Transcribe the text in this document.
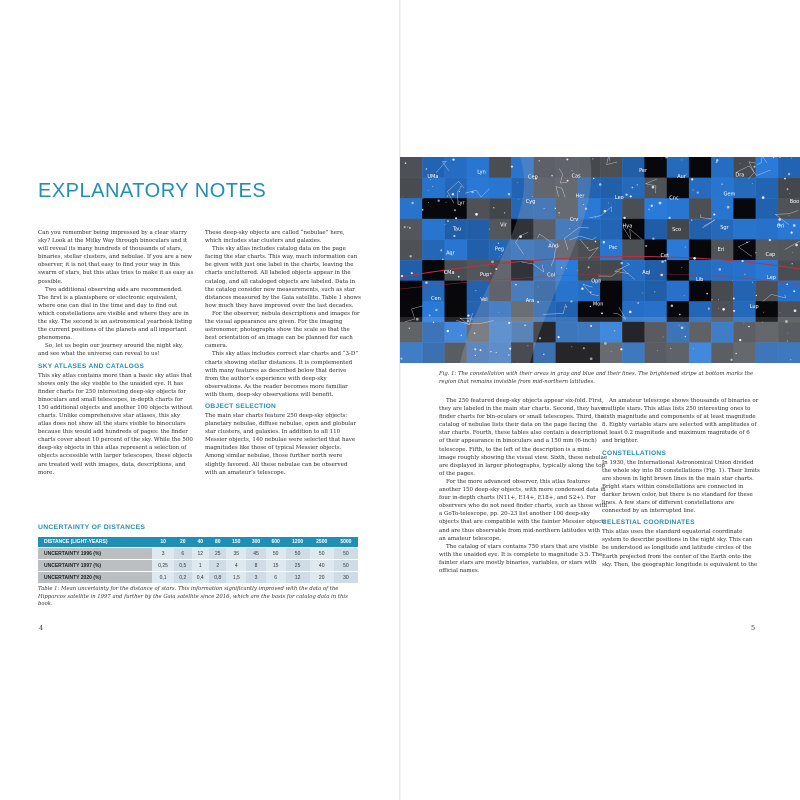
EXPLANATORY NOTES

Can you remember being impressed by a clear starry sky? Look at the Milky Way through binoculars and it will reveal its many hundreds of thousands of stars, binaries, stellar clusters, and nebulae. If you are a new observer, it is not that easy to find your way in this swarm of stars, but this atlas tries to make it as easy as possible.

Two additional observing aids are recommended. The first is a planisphere or electronic equivalent, where one can dial in the time and day to find out which constellations are visible and where they are in the sky. The second is an astronomical yearbook listing the current positions of the planets and all important phenomena.

So, let us begin our journey around the night sky, and see what the universe can reveal to us!

SKY ATLASES AND CATALOGS

This sky atlas contains more than a basic sky atlas that shows only the sky visible to the unaided eye. It has finder charts for 250 interesting deep-sky objects for binoculars and small telescopes, in-depth charts for 150 additional objects and another 100 objects without charts. Unlike comprehensive star atlases, this sky atlas does not show all the stars visible to binoculars because this would add hundreds of pages: the finder charts cover about 10 percent of the sky. While the 500 deep-sky objects in this atlas represent a selection of objects accessible with larger telescopes, these objects are treated well with images, data, descriptions, and more.

These deep-sky objects are called “nebulae” here, which includes star clusters and galaxies.

This sky atlas includes catalog data on the page facing the star charts. This way, much information can be given with just one label in the charts, leaving the charts uncluttered. All labeled objects appear in the catalog, and all cataloged objects are labeled. Data in the catalog consider new measurements, such as star distances measured by the Gaia satellite. Table 1 shows how much they have improved over the last decades.

For the observer, nebula descriptions and images for the visual appearance are given. For the imaging astronomer, photographs show the scale so that the best orientation of an image can be planned for each camera.

This sky atlas includes correct star charts and “3-D” charts showing stellar distances. It is complemented with many features as described below that derive from the author’s experience with deep-sky observations. As the reader becomes more familiar with them, deep-sky observations will benefit.

OBJECT SELECTION

The main star charts feature 250 deep-sky objects: planetary nebulae, diffuse nebulae, open and globular star clusters, and galaxies. In addition to all 110 Messier objects, 140 nebulae were selected that have magnitudes like those of typical Messier objects. Among similar nebulae, those further north were slightly favored. All these nebulae can be observed with an amateur’s telescope.

UNCERTAINTY OF DISTANCES
DISTANCE (LIGHT-YEARS)	10	20	40	80	150	300	600	1200	2500	5000
UNCERTAINTY 1996 (%)	3	6	12	25	35	45	50	50	50	50
UNCERTAINTY 1997 (%)	0,25	0,5	1	2	4	8	15	25	40	50
UNCERTAINTY 2020 (%)	0,1	0,2	0,4	0,8	1,5	3	6	12	20	30
Table 1: Mean uncertainty for the distance of stars. This information significantly improved with the data of the Hipparcos satellite in 1997 and further by the Gaia satellite since 2016, which are the basis for catalog data in this book.
4
UMa
Lyn
Cep	Cas
Per
Aur	Dra
Boo
Lyr	Cyg
Her	Leo	Cnc
Gem
Ori
Tau
Vir
Crv
Hya
Sco	Sgr
Cap
Aqr
Peg	And	Psc
Cet
Eri
Lep
CMa	Pup	Col
Oph
Aql
Lib
Lup
Cen	Vel	Ara
Mon
Fig. 1: The constellation with their areas in gray and blue and their lines. The brightened stripe at bottom marks the region that remains invisible from mid-northern latitudes.

The 250 featured deep-sky objects appear six-fold. First, they are labeled in the main star charts. Second, they have finder charts for bin-oculars or small telescopes. Third, the catalog of nebulae lists their data on the page facing the star charts. Fourth, these tables also contain a description of their appearance in binoculars and a 150 mm (6-inch) telescope. Fifth, to the left of the description is a mini-image roughly showing the visual view. Sixth, these nebulae are displayed in larger photographs, typically along the top of the pages.

For the more advanced observer, this atlas features another 150 deep-sky objects, with more condensed data in four in-depth charts (N11+, E14+, E18+, and S2+). For observers who do not need finder charts, such as those with a GoTo-telescope, pp. 20–23 list another 100 deep-sky objects that are compatible with the fainter Messier objects and are thus observable from mid-northern latitudes with an amateur telescope.

The catalog of stars contains 750 stars that are visible with the unaided eye. It is complete to magnitude 3.5. The fainter stars are mostly binaries, variables, or stars with official names.

An amateur telescope shows thousands of binaries or multiple stars. This atlas lists 250 interesting ones to sixth magnitude and components of at least magnitude 8. Eighty variable stars are selected with amplitudes of at least 0.2 magnitude and maximum magnitude of 6 and brighter.

CONSTELLATIONS

In 1930, the International Astronomical Union divided the whole sky into 88 constellations (Fig. 1). Their limits are shown in light brown lines in the main star charts. Bright stars within constellations are connected in darker brown color, but there is no standard for these lines. A few stars of different constellations are connected by an interrupted line.

CELESTIAL COORDINATES

This atlas uses the standard equatorial coordinate system to describe positions in the night sky. This can be understood as longitude and latitude circles of the Earth projected from the center of the Earth onto the sky. Then, the geographic longitude is equivalent to the

5
